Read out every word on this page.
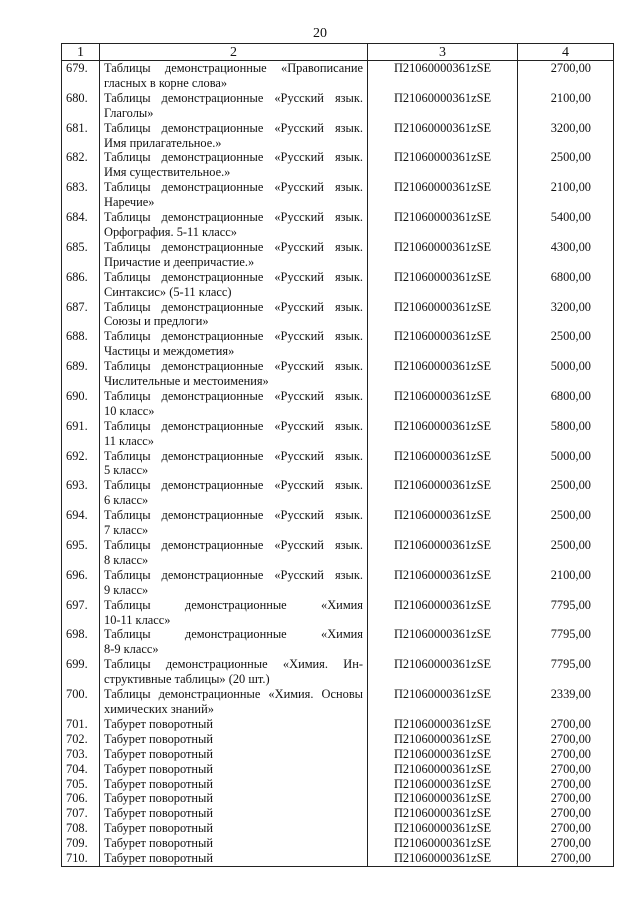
20
1	2	3	4
679.	Таблицы демонстрационные «Правописание
гласных в корне слова»	П21060000361zSE	2700,00
680.	Таблицы демонстрационные «Русский язык.
Глаголы»	П21060000361zSE	2100,00
681.	Таблицы демонстрационные «Русский язык.
Имя прилагательное.»	П21060000361zSE	3200,00
682.	Таблицы демонстрационные «Русский язык.
Имя существительное.»	П21060000361zSE	2500,00
683.	Таблицы демонстрационные «Русский язык.
Наречие»	П21060000361zSE	2100,00
684.	Таблицы демонстрационные «Русский язык.
Орфография. 5-11 класс»	П21060000361zSE	5400,00
685.	Таблицы демонстрационные «Русский язык.
Причастие и деепричастие.»	П21060000361zSE	4300,00
686.	Таблицы демонстрационные «Русский язык.
Синтаксис» (5-11 класс)	П21060000361zSE	6800,00
687.	Таблицы демонстрационные «Русский язык.
Союзы и предлоги»	П21060000361zSE	3200,00
688.	Таблицы демонстрационные «Русский язык.
Частицы и междометия»	П21060000361zSE	2500,00
689.	Таблицы демонстрационные «Русский язык.
Числительные и местоимения»	П21060000361zSE	5000,00
690.	Таблицы демонстрационные «Русский язык.
10 класс»	П21060000361zSE	6800,00
691.	Таблицы демонстрационные «Русский язык.
11 класс»	П21060000361zSE	5800,00
692.	Таблицы демонстрационные «Русский язык.
5 класс»	П21060000361zSE	5000,00
693.	Таблицы демонстрационные «Русский язык.
6 класс»	П21060000361zSE	2500,00
694.	Таблицы демонстрационные «Русский язык.
7 класс»	П21060000361zSE	2500,00
695.	Таблицы демонстрационные «Русский язык.
8 класс»	П21060000361zSE	2500,00
696.	Таблицы демонстрационные «Русский язык.
9 класс»	П21060000361zSE	2100,00
697.	Таблицы демонстрационные «Химия
10-11 класс»	П21060000361zSE	7795,00
698.	Таблицы демонстрационные «Химия
8-9 класс»	П21060000361zSE	7795,00
699.	Таблицы демонстрационные «Химия. Ин-
структивные таблицы» (20 шт.)	П21060000361zSE	7795,00
700.	Таблицы демонстрационные «Химия. Основы
химических знаний»	П21060000361zSE	2339,00
701.	Табурет поворотный	П21060000361zSE	2700,00
702.	Табурет поворотный	П21060000361zSE	2700,00
703.	Табурет поворотный	П21060000361zSE	2700,00
704.	Табурет поворотный	П21060000361zSE	2700,00
705.	Табурет поворотный	П21060000361zSE	2700,00
706.	Табурет поворотный	П21060000361zSE	2700,00
707.	Табурет поворотный	П21060000361zSE	2700,00
708.	Табурет поворотный	П21060000361zSE	2700,00
709.	Табурет поворотный	П21060000361zSE	2700,00
710.	Табурет поворотный	П21060000361zSE	2700,00
